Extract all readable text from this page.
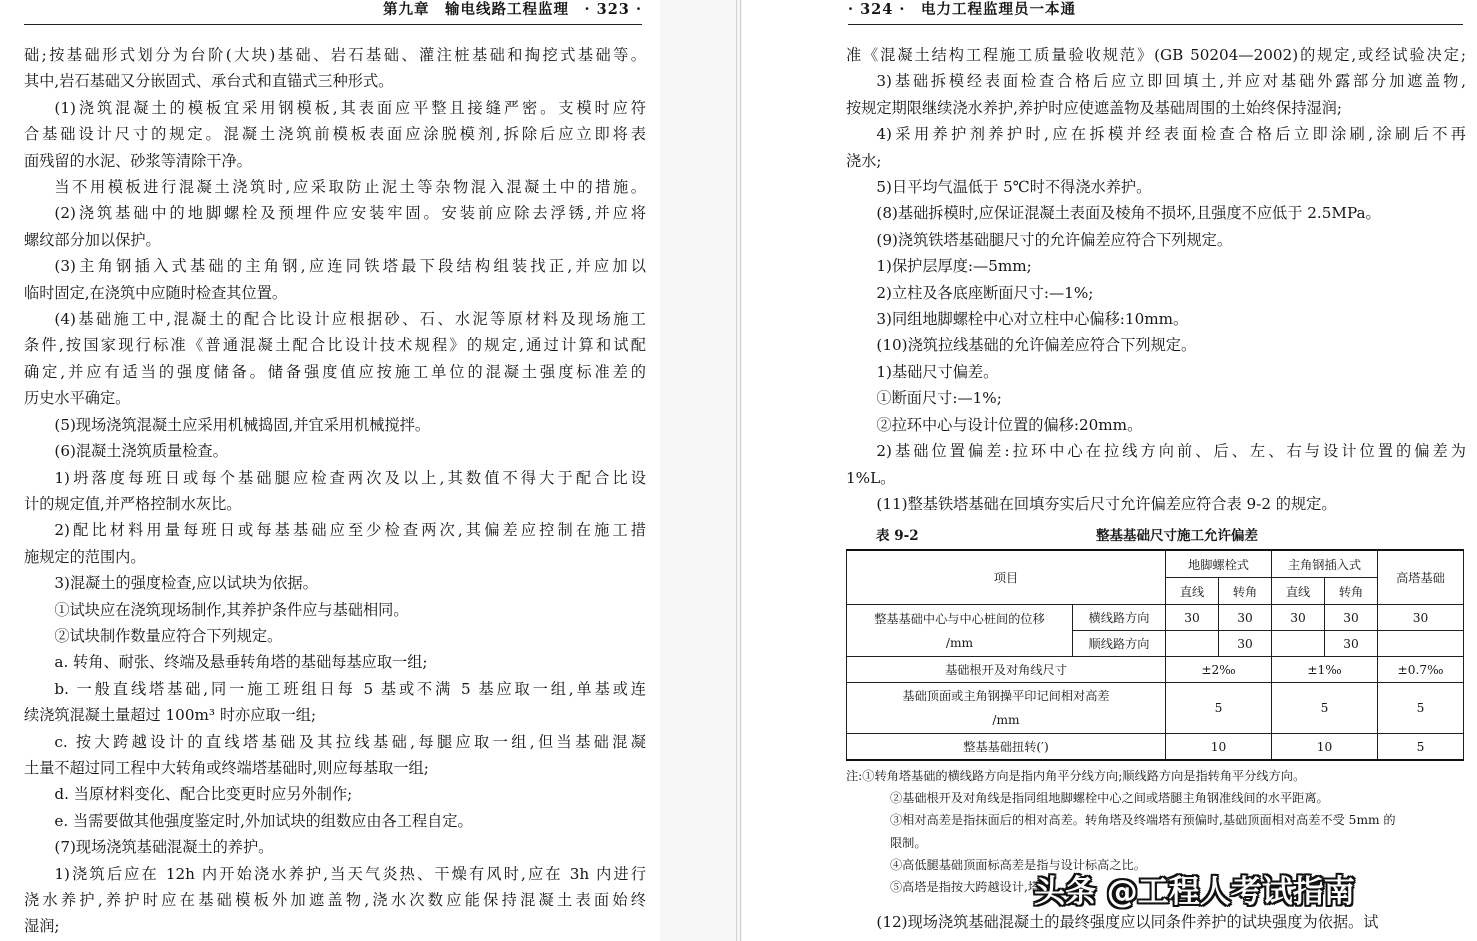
第九章　输电线路工程监理　· 323 ·

础;按基础形式划分为台阶(大块)基础、岩石基础、灌注桩基础和掏挖式基础等。

其中,岩石基础又分嵌固式、承台式和直锚式三种形式。

(1)浇筑混凝土的模板宜采用钢模板,其表面应平整且接缝严密。支模时应符

合基础设计尺寸的规定。混凝土浇筑前模板表面应涂脱模剂,拆除后应立即将表

面残留的水泥、砂浆等清除干净。

当不用模板进行混凝土浇筑时,应采取防止泥土等杂物混入混凝土中的措施。

(2)浇筑基础中的地脚螺栓及预埋件应安装牢固。安装前应除去浮锈,并应将

螺纹部分加以保护。

(3)主角钢插入式基础的主角钢,应连同铁塔最下段结构组装找正,并应加以

临时固定,在浇筑中应随时检查其位置。

(4)基础施工中,混凝土的配合比设计应根据砂、石、水泥等原材料及现场施工

条件,按国家现行标准《普通混凝土配合比设计技术规程》的规定,通过计算和试配

确定,并应有适当的强度储备。储备强度值应按施工单位的混凝土强度标准差的

历史水平确定。

(5)现场浇筑混凝土应采用机械捣固,并宜采用机械搅拌。

(6)混凝土浇筑质量检查。

1)坍落度每班日或每个基础腿应检查两次及以上,其数值不得大于配合比设

计的规定值,并严格控制水灰比。

2)配比材料用量每班日或每基基础应至少检查两次,其偏差应控制在施工措

施规定的范围内。

3)混凝土的强度检查,应以试块为依据。

①试块应在浇筑现场制作,其养护条件应与基础相同。

②试块制作数量应符合下列规定。

a. 转角、耐张、终端及悬垂转角塔的基础每基应取一组;

b. 一般直线塔基础,同一施工班组日每 5 基或不满 5 基应取一组,单基或连

续浇筑混凝土量超过 100m³ 时亦应取一组;

c. 按大跨越设计的直线塔基础及其拉线基础,每腿应取一组,但当基础混凝

土量不超过同工程中大转角或终端塔基础时,则应每基取一组;

d. 当原材料变化、配合比变更时应另外制作;

e. 当需要做其他强度鉴定时,外加试块的组数应由各工程自定。

(7)现场浇筑基础混凝土的养护。

1)浇筑后应在 12h 内开始浇水养护,当天气炎热、干燥有风时,应在 3h 内进行

浇水养护,养护时应在基础模板外加遮盖物,浇水次数应能保持混凝土表面始终

湿润;

· 324 ·　电力工程监理员一本通

准《混凝土结构工程施工质量验收规范》(GB 50204—2002)的规定,或经试验决定;

3)基础拆模经表面检查合格后应立即回填土,并应对基础外露部分加遮盖物,

按规定期限继续浇水养护,养护时应使遮盖物及基础周围的土始终保持湿润;

4)采用养护剂养护时,应在拆模并经表面检查合格后立即涂刷,涂刷后不再

浇水;

5)日平均气温低于 5℃时不得浇水养护。

(8)基础拆模时,应保证混凝土表面及棱角不损坏,且强度不应低于 2.5MPa。

(9)浇筑铁塔基础腿尺寸的允许偏差应符合下列规定。

1)保护层厚度:—5mm;

2)立柱及各底座断面尺寸:—1%;

3)同组地脚螺栓中心对立柱中心偏移:10mm。

(10)浇筑拉线基础的允许偏差应符合下列规定。

1)基础尺寸偏差。

①断面尺寸:—1%;

②拉环中心与设计位置的偏移:20mm。

2)基础位置偏差:拉环中心在拉线方向前、后、左、右与设计位置的偏差为

1%L。

(11)整基铁塔基础在回填夯实后尺寸允许偏差应符合表 9-2 的规定。

表 9-2	整基基础尺寸施工允许偏差
项目		地脚螺栓式		主角钢插入式		高塔基础
		直线	转角	直线	转角	
整基基础中心与中心桩间的位移
/mm	横线路方向	30	30	30	30	30
	顺线路方向		30		30	
基础根开及对角线尺寸		±2‰		±1‰		±0.7‰
基础顶面或主角钢操平印记间相对高差
/mm		5		5		5
整基基础扭转(′)		10		10		5

注:①转角塔基础的横线路方向是指内角平分线方向;顺线路方向是指转角平分线方向。

②基础根开及对角线是指同组地脚螺栓中心之间或塔腿主角钢准线间的水平距离。

③相对高差是指抹面后的相对高差。转角塔及终端塔有预偏时,基础顶面相对高差不受 5mm 的

限制。

④高低腿基础顶面标高差是指与设计标高之比。

⑤高塔是指按大跨越设计,塔高

(12)现场浇筑基础混凝土的最终强度应以同条件养护的试块强度为依据。试
头条 @工程人考试指南
